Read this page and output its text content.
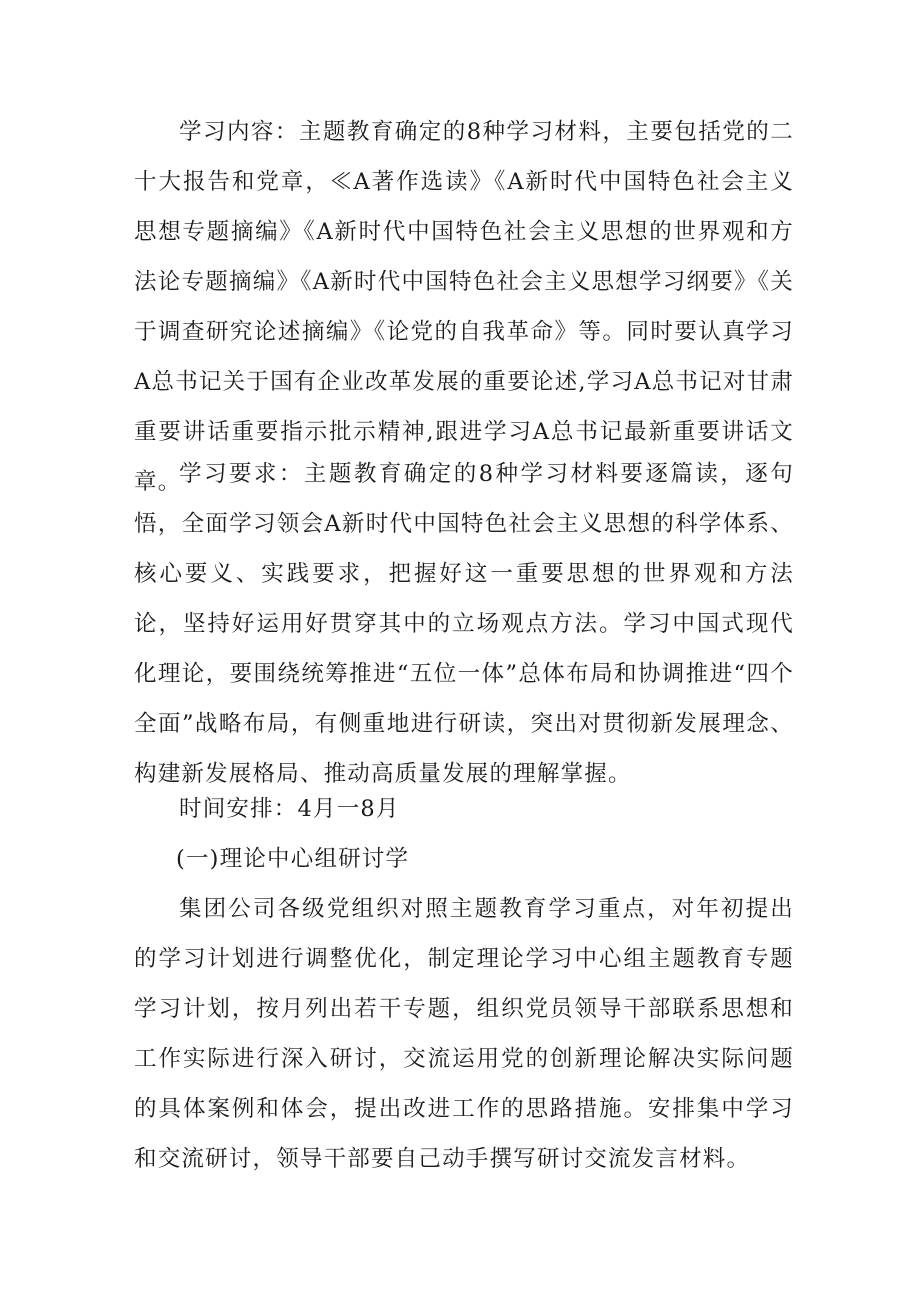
学习内容：主题教育确定的8种学习材料，主要包括党的二十大报告和党章，≪A著作选读》《A新时代中国特色社会主义思想专题摘编》《A新时代中国特色社会主义思想的世界观和方法论专题摘编》《A新时代中国特色社会主义思想学习纲要》《关于调查研究论述摘编》《论党的自我革命》等。同时要认真学习A总书记关于国有企业改革发展的重要论述,学习A总书记对甘肃重要讲话重要指示批示精神,跟进学习A总书记最新重要讲话文章。

学习要求：主题教育确定的8种学习材料要逐篇读，逐句悟，全面学习领会A新时代中国特色社会主义思想的科学体系、核心要义、实践要求，把握好这一重要思想的世界观和方法论，坚持好运用好贯穿其中的立场观点方法。学习中国式现代化理论，要围绕统筹推进“五位一体”总体布局和协调推进“四个全面”战略布局，有侧重地进行研读，突出对贯彻新发展理念、构建新发展格局、推动高质量发展的理解掌握。

时间安排：4月一8月

(一)理论中心组研讨学

集团公司各级党组织对照主题教育学习重点，对年初提出的学习计划进行调整优化，制定理论学习中心组主题教育专题学习计划，按月列出若干专题，组织党员领导干部联系思想和工作实际进行深入研讨，交流运用党的创新理论解决实际问题的具体案例和体会，提出改进工作的思路措施。安排集中学习和交流研讨，领导干部要自己动手撰写研讨交流发言材料。
